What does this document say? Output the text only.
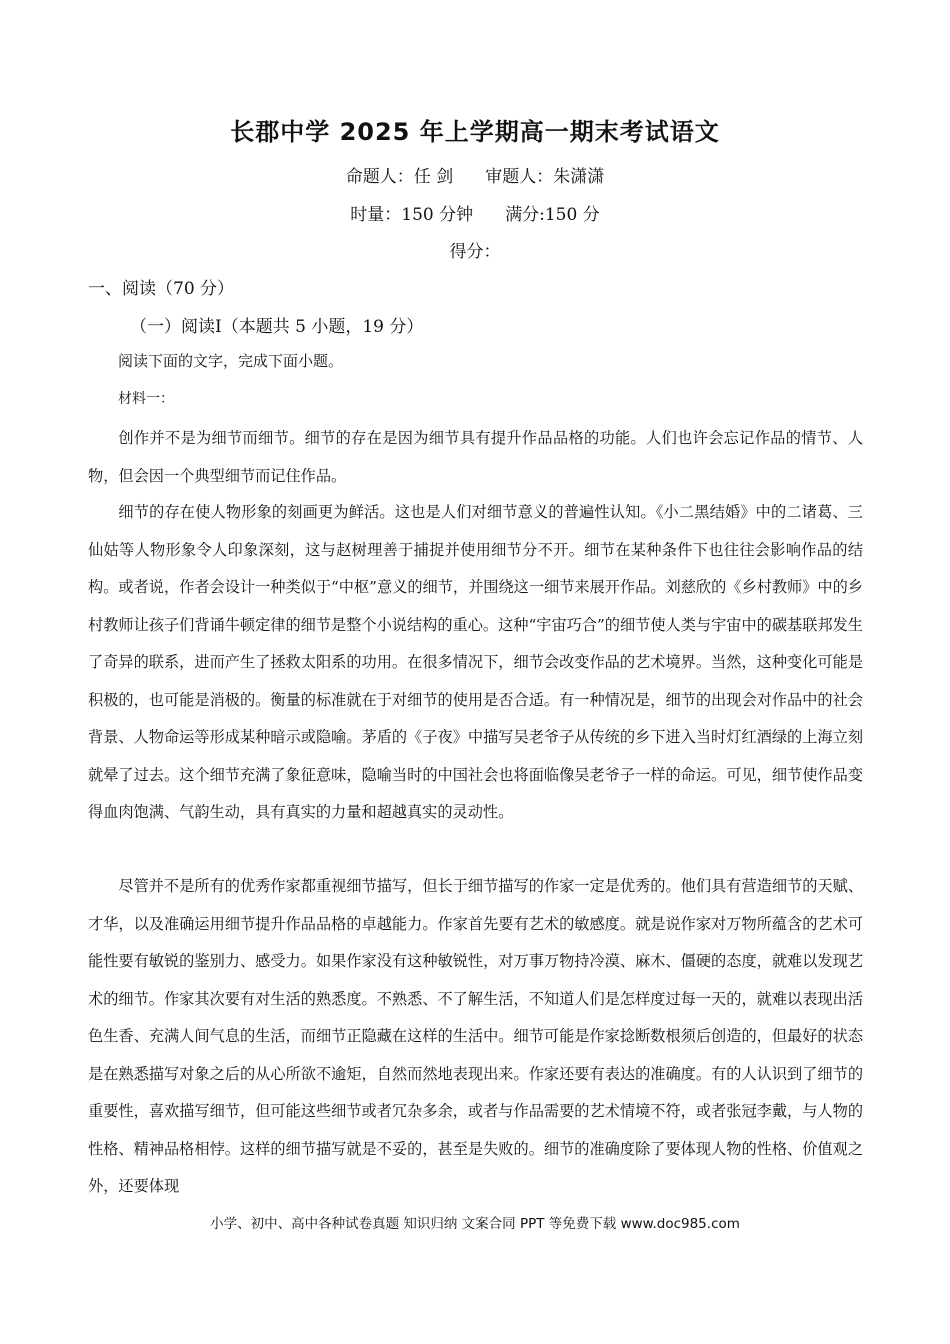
长郡中学 2025 年上学期高一期末考试语文
命题人：任 剑 审题人：朱潇潇
时量：150 分钟 满分:150 分
得分：
一、阅读（70 分）
（一）阅读Ⅰ（本题共 5 小题，19 分）
阅读下面的文字，完成下面小题。
材料一：

创作并不是为细节而细节。细节的存在是因为细节具有提升作品品格的功能。人们也许会忘记作品的情节、人物，但会因一个典型细节而记住作品。

细节的存在使人物形象的刻画更为鲜活。这也是人们对细节意义的普遍性认知。《小二黑结婚》中的二诸葛、三仙姑等人物形象令人印象深刻，这与赵树理善于捕捉并使用细节分不开。细节在某种条件下也往往会影响作品的结构。或者说，作者会设计一种类似于“中枢”意义的细节，并围绕这一细节来展开作品。刘慈欣的《乡村教师》中的乡村教师让孩子们背诵牛顿定律的细节是整个小说结构的重心。这种“宇宙巧合”的细节使人类与宇宙中的碳基联邦发生了奇异的联系，进而产生了拯救太阳系的功用。在很多情况下，细节会改变作品的艺术境界。当然，这种变化可能是积极的，也可能是消极的。衡量的标准就在于对细节的使用是否合适。有一种情况是，细节的出现会对作品中的社会背景、人物命运等形成某种暗示或隐喻。茅盾的《子夜》中描写吴老爷子从传统的乡下进入当时灯红酒绿的上海立刻就晕了过去。这个细节充满了象征意味，隐喻当时的中国社会也将面临像吴老爷子一样的命运。可见，细节使作品变得血肉饱满、气韵生动，具有真实的力量和超越真实的灵动性。

尽管并不是所有的优秀作家都重视细节描写，但长于细节描写的作家一定是优秀的。他们具有营造细节的天赋、才华，以及准确运用细节提升作品品格的卓越能力。作家首先要有艺术的敏感度。就是说作家对万物所蕴含的艺术可能性要有敏锐的鉴别力、感受力。如果作家没有这种敏锐性，对万事万物持冷漠、麻木、僵硬的态度，就难以发现艺术的细节。作家其次要有对生活的熟悉度。不熟悉、不了解生活，不知道人们是怎样度过每一天的，就难以表现出活色生香、充满人间气息的生活，而细节正隐藏在这样的生活中。细节可能是作家捻断数根须后创造的，但最好的状态是在熟悉描写对象之后的从心所欲不逾矩，自然而然地表现出来。作家还要有表达的准确度。有的人认识到了细节的重要性，喜欢描写细节，但可能这些细节或者冗杂多余，或者与作品需要的艺术情境不符，或者张冠李戴，与人物的性格、精神品格相悖。这样的细节描写就是不妥的，甚至是失败的。细节的准确度除了要体现人物的性格、价值观之外，还要体现

小学、初中、高中各种试卷真题 知识归纳 文案合同 PPT 等免费下载 www.doc985.com
